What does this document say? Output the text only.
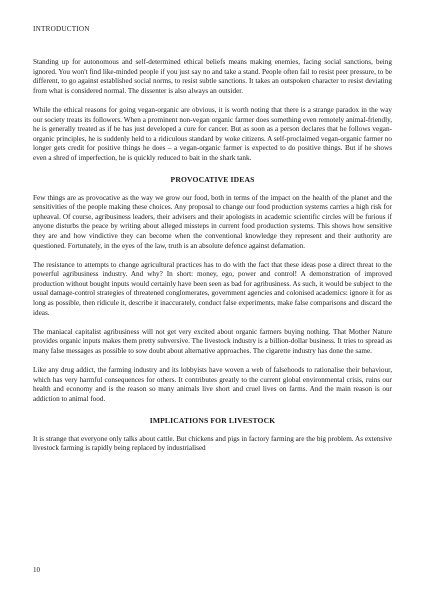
INTRODUCTION

Standing up for autonomous and self-determined ethical beliefs means making enemies, facing social sanctions, being ignored. You won't find like-minded people if you just say no and take a stand. People often fail to resist peer pressure, to be different, to go against established social norms, to resist subtle sanctions. It takes an outspoken character to resist deviating from what is considered normal. The dissenter is also always an outsider.

While the ethical reasons for going vegan-organic are obvious, it is worth noting that there is a strange paradox in the way our society treats its followers. When a prominent non-vegan organic farmer does something even remotely animal-friendly, he is generally treated as if he has just developed a cure for cancer. But as soon as a person declares that he follows vegan-organic principles, he is suddenly held to a ridiculous standard by woke citizens. A self-proclaimed vegan-organic farmer no longer gets credit for positive things he does – a vegan-organic farmer is expected to do positive things. But if he shows even a shred of imperfection, he is quickly reduced to bait in the shark tank.

PROVOCATIVE IDEAS

Few things are as provocative as the way we grow our food, both in terms of the impact on the health of the planet and the sensitivities of the people making these choices. Any proposal to change our food production systems carries a high risk for upheaval. Of course, agribusiness leaders, their advisers and their apologists in academic scientific circles will be furious if anyone disturbs the peace by writing about alleged missteps in current food production systems. This shows how sensitive they are and how vindictive they can become when the conventional knowledge they represent and their authority are questioned. Fortunately, in the eyes of the law, truth is an absolute defence against defamation.

The resistance to attempts to change agricultural practices has to do with the fact that these ideas pose a direct threat to the powerful agribusiness industry. And why? In short: money, ego, power and control! A demonstration of improved production without bought inputs would certainly have been seen as bad for agribusiness. As such, it would be subject to the usual damage-control strategies of threatened conglomerates, government agencies and colonised academics: ignore it for as long as possible, then ridicule it, describe it inaccurately, conduct false experiments, make false comparisons and discard the ideas.

The maniacal capitalist agribusiness will not get very excited about organic farmers buying nothing. That Mother Nature provides organic inputs makes them pretty subversive. The livestock industry is a billion-dollar business. It tries to spread as many false messages as possible to sow doubt about alternative approaches. The cigarette industry has done the same.

Like any drug addict, the farming industry and its lobbyists have woven a web of falsehoods to rationalise their behaviour, which has very harmful consequences for others. It contributes greatly to the current global environmental crisis, ruins our health and economy and is the reason so many animals live short and cruel lives on farms. And the main reason is our addiction to animal food.

IMPLICATIONS FOR LIVESTOCK

It is strange that everyone only talks about cattle. But chickens and pigs in factory farming are the big problem. As extensive livestock farming is rapidly being replaced by industrialised

10
